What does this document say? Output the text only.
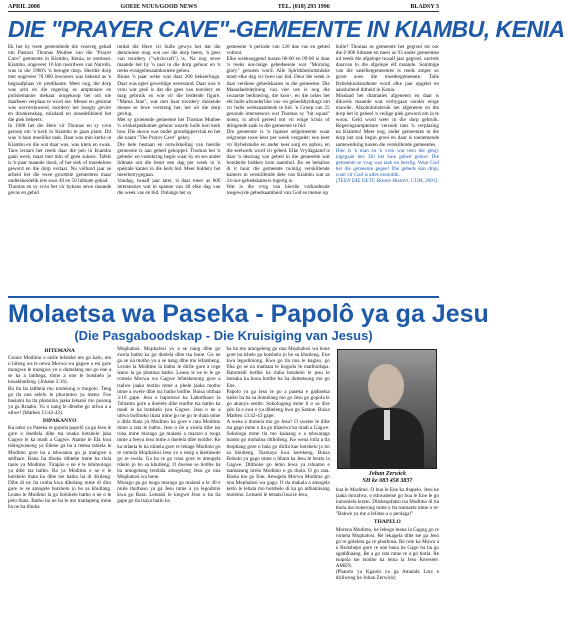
APRIL 2008	GOEIE NUUS/GOOD NEWS	TEL. (018) 293 1996	BLADSY 3
DIE "PRAYER CAVE"-GEMEENTE IN KIAMBU, KENIA

Ek het by twee geleenthede die voorreg gehad om Pastoor Thomas Muthee van die "Prayer Cave" gemeente in Kiambu, Kenia, te ontmoet. Kiambu, ongeveer 16 km noordwes van Nairobi, was in die 1980's 'n berugte dorp. Hierdie dorp met ongeveer 70 000 inwoners was bekend as 'n begraafplaas vir predikante. Meer nog, die dorp was arm en die regering se amptenare en polisiemanne mekaar omgekoop het om nie daarheen verplaas te word nie. Mense en gesinne was oorverdowend, toordery het hoogty gevier en dronkenskap, misdaad en onsedelikheid het die plek beheers.

In 1988 het die Here vir Thomas en sy vrou geroep om 'n kerk in Kiambu te gaan plant. Dit was 'n baie moeilike taak. Daar was min kerke in Kiambu en die wat daar was, was klein en swak. Tans leraars het reeds daar die pen in Kiambu gaan werk, maar met min of geen sukses. Tafels is 'n paar maande dood, of het siek of moedeloos geword en die dorp verlaat. Nu volhard jaar se arbeid het die twee groottste gemeentes maar onderskeidelik iets soos 40 en 50 lidmate gehad.

Thomas en sy vrou het vir bykans sewe maande gevas en gebid

totdat die Here vir hulle gewys het dat die demoniese mag wat oor die dorp heers, 'n gees van toordery ("witchcraft") is. Na nog sewe maande het hy 'n saal in die dorp gehuur en 'n reeks evangeliesaamkomste gehou.

Binne 'n paar weke was daar 200 bekeerlinge. Daar was egter geweldige weerstand. Daar was 'n vrou wat gesê is dat die gees van toordery en mag gebruik en wie vir die leidende figure. "Mama Jane", wat met haar toordery duisende mense se lewe vernietig het, het uit die dorp gevlug.

Met sy groeiende gemeente het Thomas Muthee 'n winkelpakkamer gehuur waarin hulle kon kerk hou. Die skoon was onder grondoppervlak en het die naam "The Prayer Cave" gekry.

Die hele bestaan en ontwikkeling van hierdie gemeente is aan gebed gekoppel. Thomas het 'n gebeds- en vastekring begin waar hy en ses ander lidmate om die beurt een dag per week in 'n spesiale kamer in die kerk bid. Meer biddery het meerbetrygegaan.

Vandag, twaalf jaar later, is daar meer as 600 intersessies wat in spanne van 40 elke dag van die week vas en bid. Onlangs het sy

gemeente 'n periode van 120 dae vas en gebed voltooi.

Elke weeksoggend tussen 06:00 en 09:00 is daar 'n reeks uur-lange gebedsessie wat "Morning glory" genoem word. Alle Spiritkbesluitstukke moet elke dag vir twee uur bid. Deur die week is daar verskeie gebedskasies in die gemeente. Die Maandaebderining van vier ure is nog die swaarste bedinering, die koor-, en die orkes het elk hulle afsonderlike vas- en gebedsbytdings om vir hulle werksaamhede te bid. 'n Groep van 25 gesonde intersessors wat Thomas sy "hit squad" noem, is altyd gereed om vir enige krisis of dringende saak in die gemeente te bid.

Die gemeente is 'n lopiese selgemeente waar selgroepe twee keer per week vergader; een keer vir Bybelstudie en ander keer sorg en opbou, en die seelwerk word vir gebed. Elke Vrydagaand is daar 'n deurnag van gebed in die gemeente wat honderde bidders kom saamhol. Bo en behalwe di it huur die gemeente twintig verskillende kamers in verskillende dele van Kiambu wat as 24-uur-gebedskamers ingerig is.

Wat is die vrug van hierdie volhardende toegewyde gebedsaamheid van God se mense op

hulle? Thomas se gemeente het gegroei tot oor die 6 000 lidmate en meer as 93 ander gemeentes uit reeds die afgelope twaalf jaar gegroei, oortrek daarvan in die afgelope elf maande. Sommige van die satellietgemeentes is reeds amper so groot soos die moedergemeente. Talle Bybelskoolstudente word elke jaar opgelei en aansluitend ditheid in Kenia.

Misdaad het dramaties afgeneem en daar is dikwels maande wat verbygaan sonder enige moorde. Alkoholmisbruik het afgeneem en die dorp het in geheel 'n veilige plek geword om in te woon. Geld word weer in die dorp gebruik. Regeringsamptenare versoek tans 'n verplasing na Kiambu! Meer nog, ander gemeentes in die dorp het ook begin groei en daar is toenemende samewerking tussen die verskillende gemeentes.

Hier is 'n man en 'n vrou wat teen die genjy ingegaan het. Dit het baie gebed gekos! Die gemeente se vrug was tank en heerlig. Waar God het die gemeente gegee! Die gebeds kan drup, want vir God is alles moontlik.

[TEEN DIE GETY, Bennie Mostert, CUM, 2001].

Molaetsa wa Paseka - Papolô ya ga Jesu
(Die Pasgaboodskap - Die Kruisiging van Jesus)
DITEMANA

Gonne Modimo o ratile lefatshe mo go kalo, mo o bileng wa le newa Morwa wa gagwe o esi gore mongwe le mongwe yo o dumelang mo go ene a se ka a latlhega, mme a nne le botshelo jo bosakhutleng. (Johane 3:16).

Ba tla ba latlhela mo molelong o mogolo. Teng go tla nna selelo le phuruntso ya meno. Foo basiami ba tla phatsima jaaka letsatsi mo pusong ya ga Rraabo. Yo o nang le ditsebe go utlwa a a utlwe! (Matheo 13:42-43).

DIPAKANYO

Ka nako ya Paseka re gopola papolô ya ga Jesu le gore o duetlela dibe tsa onaka botshelo jaka Gagwe le ka madi a Gagwe. Atame le Efa kwa tshingwaneng ya Edene ga ba a reetsa tshiela le Modimo gore ba a tshwanna go ja mangwe a setlhare. Bana ba tlhoka dibtebe mme ba tlola taolo ya Modimo. Tirapâo e ne e le tshimologo ya dibe tsa batho. Ba ya Modimo e ne e le botshelo thata ka dibe tse batho ba di dirileng. Dibe di ne ila roitha kwa dihelang mme di diro gore re se amogele botshelo jo bo sa khutlang. Leano le Modimo la go bolokele batho o ne o le pelo thata. Batho ba ne ba le mo matlapeng mme ba ne ba tlhoka

Mophalosi. Mophalosi yo a se nang dibe go swela batho ka go duelela dibe tsa bone. Go ne go se na motho yo a se nang dibe mo lefatsheng. Lerato la Modimo la batho le dirile gore a roge leano la go photosa batho. Leano le ne le le go romela Morwa wa Gagwe lefatshenong gore a tsalwe jaaka motho mme a phele jaaka motho mme a swele dibe tsa batho botlhe. Buisa oitlhaa 3:16 gape. Jesu o bapotswe ka Labotlhano la Tshiamo gore a duelele dibe tsotlhe tsa batho ka madi le ka botshelo jwa Gagwe. Jesu o ne a utlwa botlhoko thata mme go ne go le thata mme a ditla thata ya Modimo ka gore o rata Modimo mme a rata le batho. Jesu o ile a swela dibe tsa rona mme morago ga malatsi a mararo a tsoga mme a feeya loso mme a duelela dibe tsotlhe. Ke ka ntlaela le ka ntlaela gore re lebage Modimo go re romela Mophalosi Jesu yo o neng a ikemisede go re swela. Ga ba re go rona gore re amogela tshelo jo bo sa khutleng. O dweise se botlhe ba ba amogelang teotlala amogelang Jesu go nna Mophalosi wa bone.

Morago ga go tsoga morago ga malatsi a le 40 e nnile thuthoso ya ga Jesu mme a ya legodimo kwa go Rara. Letsatsi le longwe Jesu o tla tla gape go tla tsaya batlo ba

ba ba mo amogeleng go nna Mophalosi wa bone gore ba tshele ga botshelo jo bo sa khutleng. Ene kwa legodimong. Kwa go tla nna le kagiso, go fiha go se na mathata le bogodu le matlhotlapa. Batumedi botlhe ba tlaba botshelo le jesu le batsaka ka bona botlhe ba ba dumetsong mo go Ene.

Papolo ya ga Jesu le go a paseka e gadisetsa batho ba ba sa dumelang mo go Jesu go gopola le go akanya sentle. Sokologang mme li o sa dire jalo fa o swa o ya diheleng kwa go Satane. Buisa Matheo 13:42-43 gape.

A wena o dumela mo go Jesu? O swetse le dibe tsa gago mme o tla go tlhatswa ka madi a Gagwe. Sokologa mme tla mo kalaang e a tshwaraga maoto go mohaloa dithofeng. Ke wena lotla a tla thophang gore o bala go dirila kae botshelo jo bo sa khutleng. Tsamaya kwa kerekeng. Buisa Bobolo ya gago mme o lthuta ka Jesu le lerato la Gagwe. Dltlhoke go lemo lewa ya tshiamo e tsamaeang tirelo Modimo o go thola. O go rata. Boola mo go Ene. Amogela Morwa Modimo go nna Mophalosi wa gago. O tla makala a amogela ketlo le lebala mo botshelo di ka go atlhamisang molemo. Letsatsi le letsatsi bua le Jesu,

Johan Zerwick
SH ke 083 458 3837

bua le Modimo. O bua le Ene ka thapelo. Jesu ke jaaka moralwa, o tshwanetse go bua le Ene le go inmonlela lerato. Ditsheqafatso tsa Modimo di tla thola mo bokerong mme o tla tsamaela mme o re: "Bakwe ya me a lefatse a o peolaga!"

THAPELO

Morena Modimo, ke lebogo leana la Gagog go re romela Mophalosi. Re lekagela dibe tse ga Jesu go re goleleta ga re phothosa. Re rute ka Mowa a o Boitshepo gore re nne bana ba Gago ba ba go sgathlhaang. Re a go rata mme re a go tlotla. Re tsopola tse tsotlhe ka leina la Jesu Keresete. AMEN.

(Phatolo ya Kgaolo ya ga Amanda Lotz e dirilweng ke Johan Zerwick)
